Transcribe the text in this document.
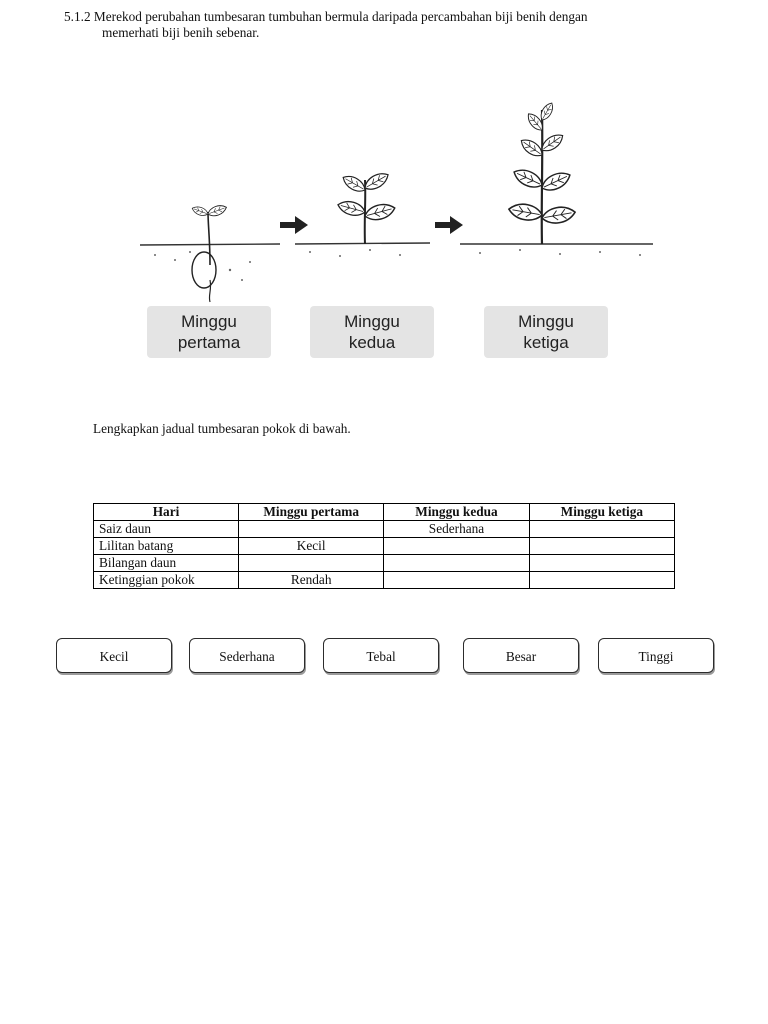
5.1.2 Merekod perubahan tumbesaran tumbuhan bermula daripada percambahan biji benih dengan
memerhati biji benih sebenar.
Minggu
pertama
Minggu
kedua
Minggu
ketiga
Lengkapkan jadual tumbesaran pokok di bawah.
Hari	Minggu pertama	Minggu kedua	Minggu ketiga
Saiz daun		Sederhana	
Lilitan batang	Kecil		
Bilangan daun			
Ketinggian pokok	Rendah		
Kecil	Sederhana	Tebal	Besar	Tinggi
